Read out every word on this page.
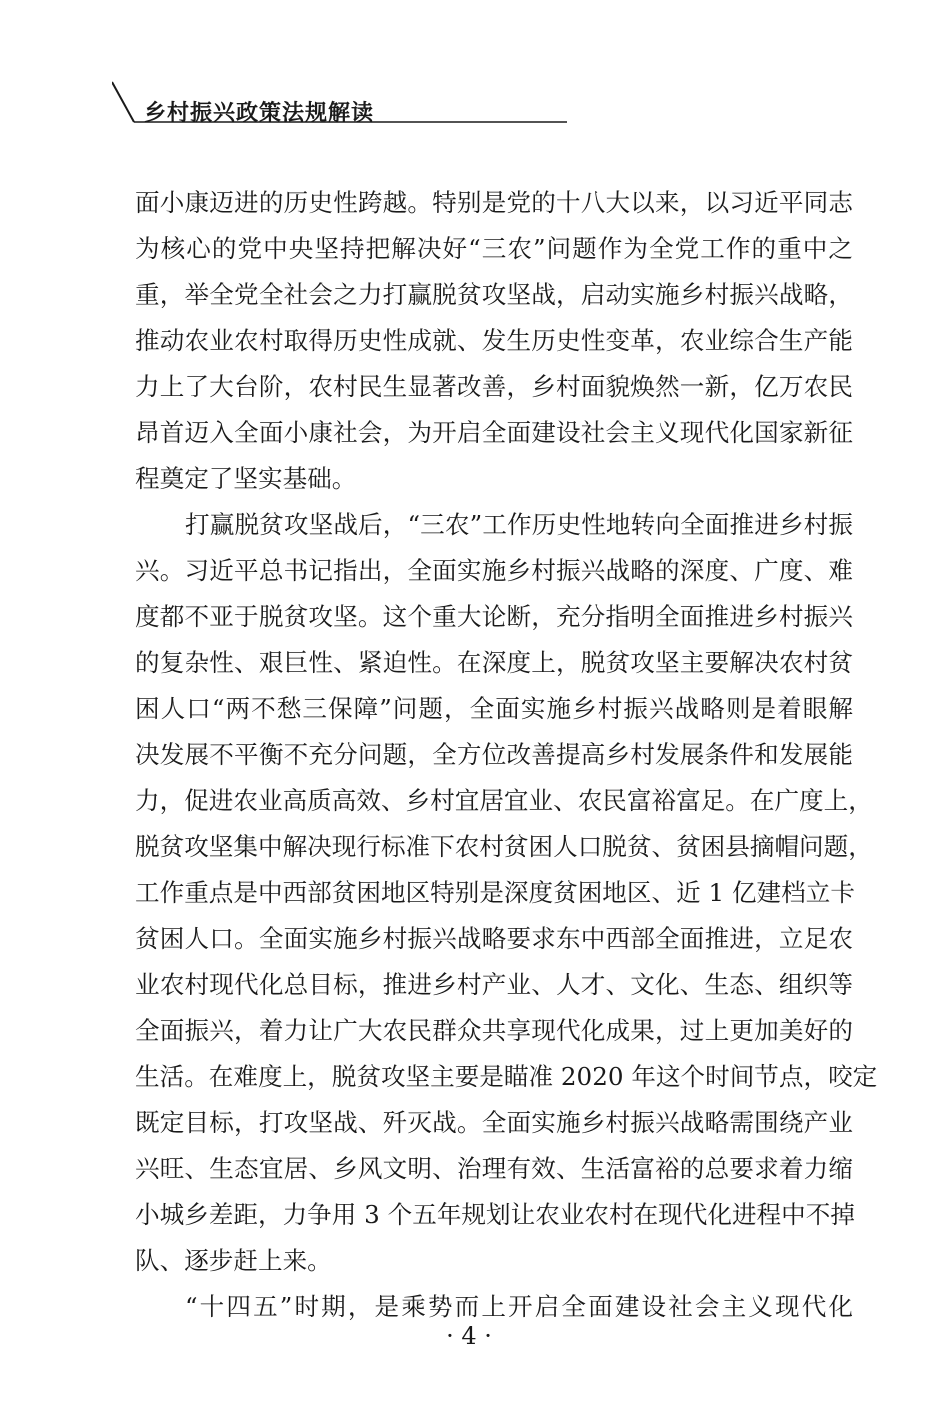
乡村振兴政策法规解读
面小康迈进的历史性跨越。特别是党的十八大以来，以习近平同志
为核心的党中央坚持把解决好“三农”问题作为全党工作的重中之
重，举全党全社会之力打赢脱贫攻坚战，启动实施乡村振兴战略，
推动农业农村取得历史性成就、发生历史性变革，农业综合生产能
力上了大台阶，农村民生显著改善，乡村面貌焕然一新，亿万农民
昂首迈入全面小康社会，为开启全面建设社会主义现代化国家新征
程奠定了坚实基础。
打赢脱贫攻坚战后，“三农”工作历史性地转向全面推进乡村振
兴。习近平总书记指出，全面实施乡村振兴战略的深度、广度、难
度都不亚于脱贫攻坚。这个重大论断，充分指明全面推进乡村振兴
的复杂性、艰巨性、紧迫性。在深度上，脱贫攻坚主要解决农村贫
困人口“两不愁三保障”问题，全面实施乡村振兴战略则是着眼解
决发展不平衡不充分问题，全方位改善提高乡村发展条件和发展能
力，促进农业高质高效、乡村宜居宜业、农民富裕富足。在广度上，
脱贫攻坚集中解决现行标准下农村贫困人口脱贫、贫困县摘帽问题，
工作重点是中西部贫困地区特别是深度贫困地区、近 1 亿建档立卡
贫困人口。全面实施乡村振兴战略要求东中西部全面推进，立足农
业农村现代化总目标，推进乡村产业、人才、文化、生态、组织等
全面振兴，着力让广大农民群众共享现代化成果，过上更加美好的
生活。在难度上，脱贫攻坚主要是瞄准 2020 年这个时间节点，咬定
既定目标，打攻坚战、歼灭战。全面实施乡村振兴战略需围绕产业
兴旺、生态宜居、乡风文明、治理有效、生活富裕的总要求着力缩
小城乡差距，力争用 3 个五年规划让农业农村在现代化进程中不掉
队、逐步赶上来。
“十四五”时期，是乘势而上开启全面建设社会主义现代化
· 4 ·
